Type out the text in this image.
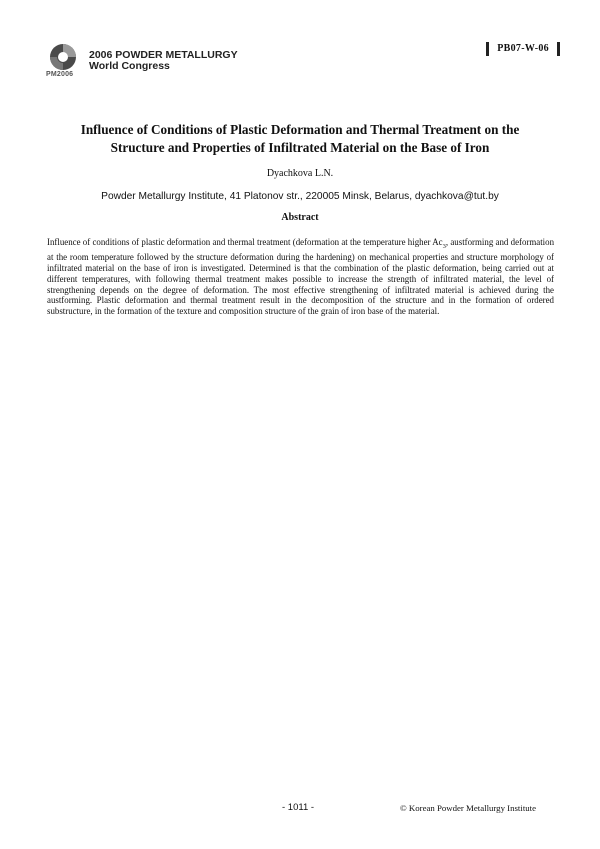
PM2006
2006 POWDER METALLURGY
World Congress
PB07-W-06
Influence of Conditions of Plastic Deformation and Thermal Treatment on the
Structure and Properties of Infiltrated Material on the Base of Iron
Dyachkova L.N.
Powder Metallurgy Institute, 41 Platonov str., 220005 Minsk, Belarus, dyachkova@tut.by
Abstract
Influence of conditions of plastic deformation and thermal treatment (deformation at the temperature higher $Ac_3$, austforming and deformation at the room temperature followed by the structure deformation during the hardening) on mechanical properties and structure morphology of infiltrated material on the base of iron is investigated. Determined is that the combination of the plastic deformation, being carried out at different temperatures, with following thermal treatment makes possible to increase the strength of infiltrated material, the level of strengthening depends on the degree of deformation. The most effective strengthening of infiltrated material is achieved during the austforming. Plastic deformation and thermal treatment result in the decomposition of the structure and in the formation of ordered substructure, in the formation of the texture and composition structure of the grain of iron base of the material.
- 1011 -	© Korean Powder Metallurgy Institute
